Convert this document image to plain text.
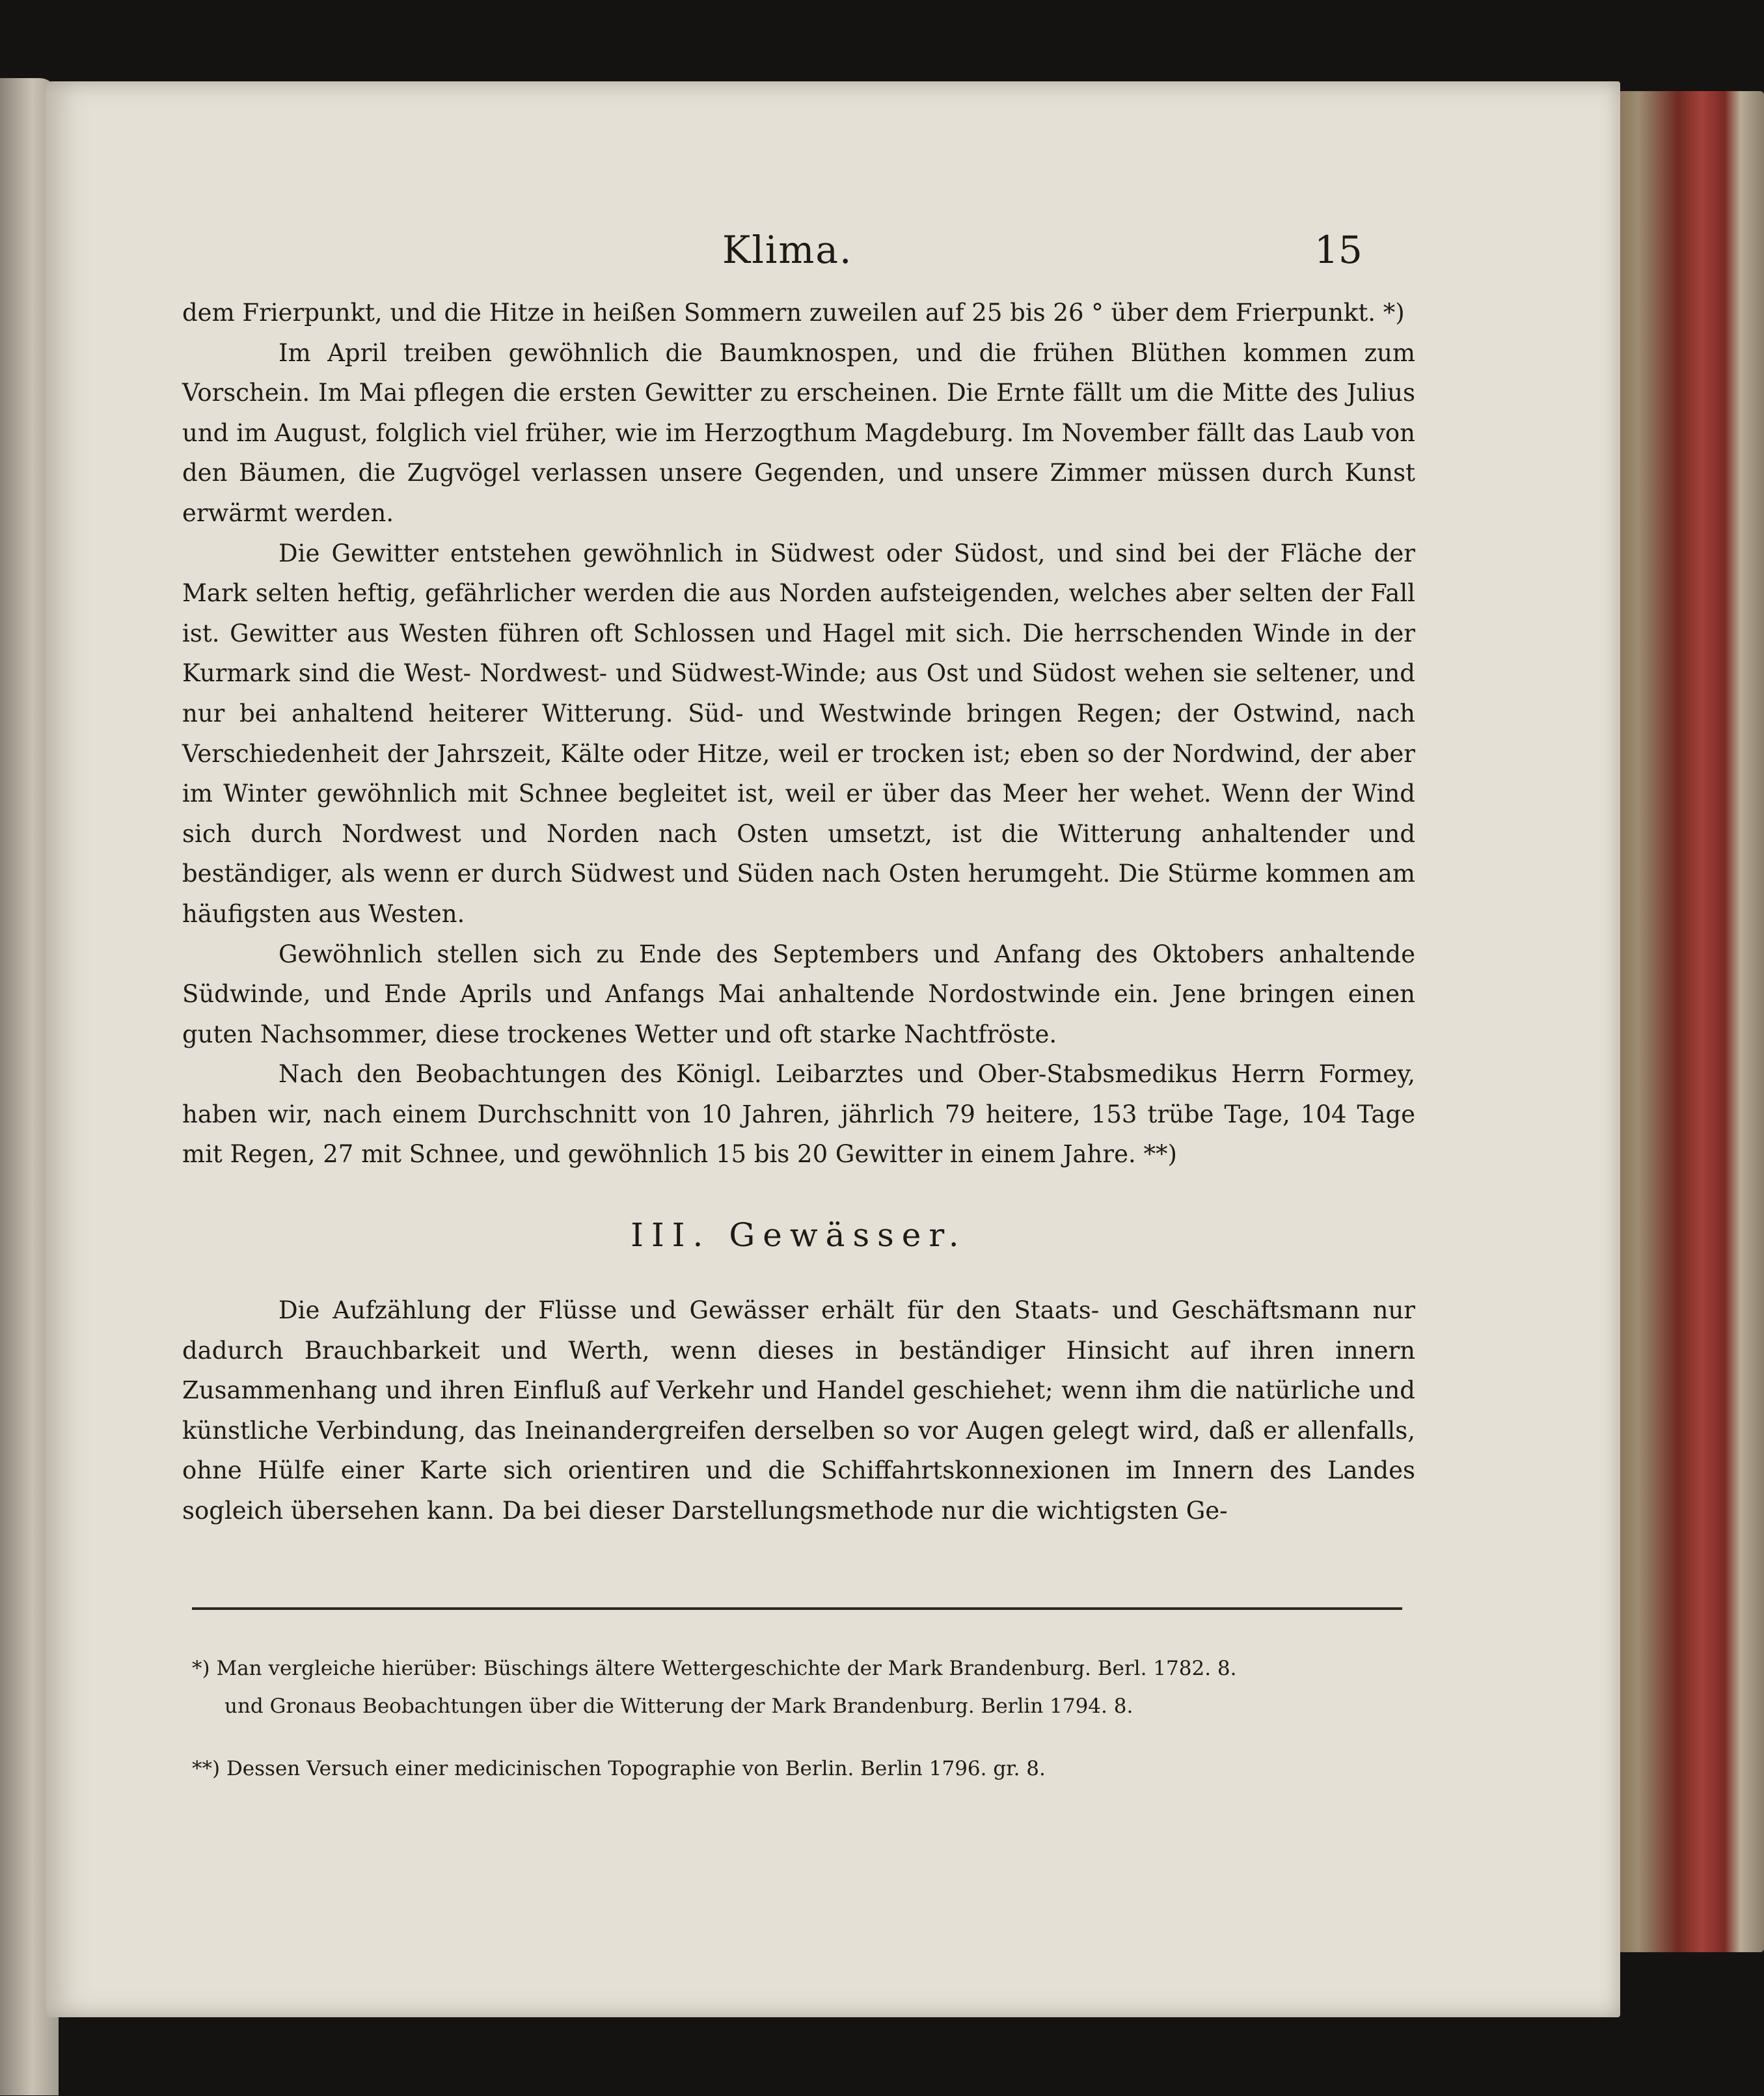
Klima.	15

dem Frierpunkt, und die Hitze in heißen Sommern zuweilen auf 25 bis 26 ° über dem Frierpunkt. *)

Im April treiben gewöhnlich die Baumknospen, und die frühen Blüthen kommen zum Vorschein. Im Mai pflegen die ersten Gewitter zu erscheinen. Die Ernte fällt um die Mitte des Julius und im August, folglich viel früher, wie im Herzogthum Magdeburg. Im November fällt das Laub von den Bäumen, die Zugvögel verlassen unsere Gegenden, und unsere Zimmer müssen durch Kunst erwärmt werden.

Die Gewitter entstehen gewöhnlich in Südwest oder Südost, und sind bei der Fläche der Mark selten heftig, gefährlicher werden die aus Norden aufsteigenden, welches aber selten der Fall ist. Gewitter aus Westen führen oft Schlossen und Hagel mit sich. Die herrschenden Winde in der Kurmark sind die West- Nordwest- und Südwest-Winde; aus Ost und Südost wehen sie seltener, und nur bei anhaltend heiterer Witterung. Süd- und Westwinde bringen Regen; der Ostwind, nach Verschiedenheit der Jahrszeit, Kälte oder Hitze, weil er trocken ist; eben so der Nordwind, der aber im Winter gewöhnlich mit Schnee begleitet ist, weil er über das Meer her wehet. Wenn der Wind sich durch Nordwest und Norden nach Osten umsetzt, ist die Witterung anhaltender und beständiger, als wenn er durch Südwest und Süden nach Osten herumgeht. Die Stürme kommen am häufigsten aus Westen.

Gewöhnlich stellen sich zu Ende des Septembers und Anfang des Oktobers anhaltende Südwinde, und Ende Aprils und Anfangs Mai anhaltende Nordostwinde ein. Jene bringen einen guten Nachsommer, diese trockenes Wetter und oft starke Nachtfröste.

Nach den Beobachtungen des Königl. Leibarztes und Ober-Stabsmedikus Herrn Formey, haben wir, nach einem Durchschnitt von 10 Jahren, jährlich 79 heitere, 153 trübe Tage, 104 Tage mit Regen, 27 mit Schnee, und gewöhnlich 15 bis 20 Gewitter in einem Jahre. **)

III. Gewässer.

Die Aufzählung der Flüsse und Gewässer erhält für den Staats- und Geschäftsmann nur dadurch Brauchbarkeit und Werth, wenn dieses in beständiger Hinsicht auf ihren innern Zusammenhang und ihren Einfluß auf Verkehr und Handel geschiehet; wenn ihm die natürliche und künstliche Verbindung, das Ineinandergreifen derselben so vor Augen gelegt wird, daß er allenfalls, ohne Hülfe einer Karte sich orientiren und die Schiffahrtskonnexionen im Innern des Landes sogleich übersehen kann. Da bei dieser Darstellungsmethode nur die wichtigsten Ge-

*) Man vergleiche hierüber: Büschings ältere Wettergeschichte der Mark Brandenburg. Berl. 1782. 8.

und Gronaus Beobachtungen über die Witterung der Mark Brandenburg. Berlin 1794. 8.

**) Dessen Versuch einer medicinischen Topographie von Berlin. Berlin 1796. gr. 8.
